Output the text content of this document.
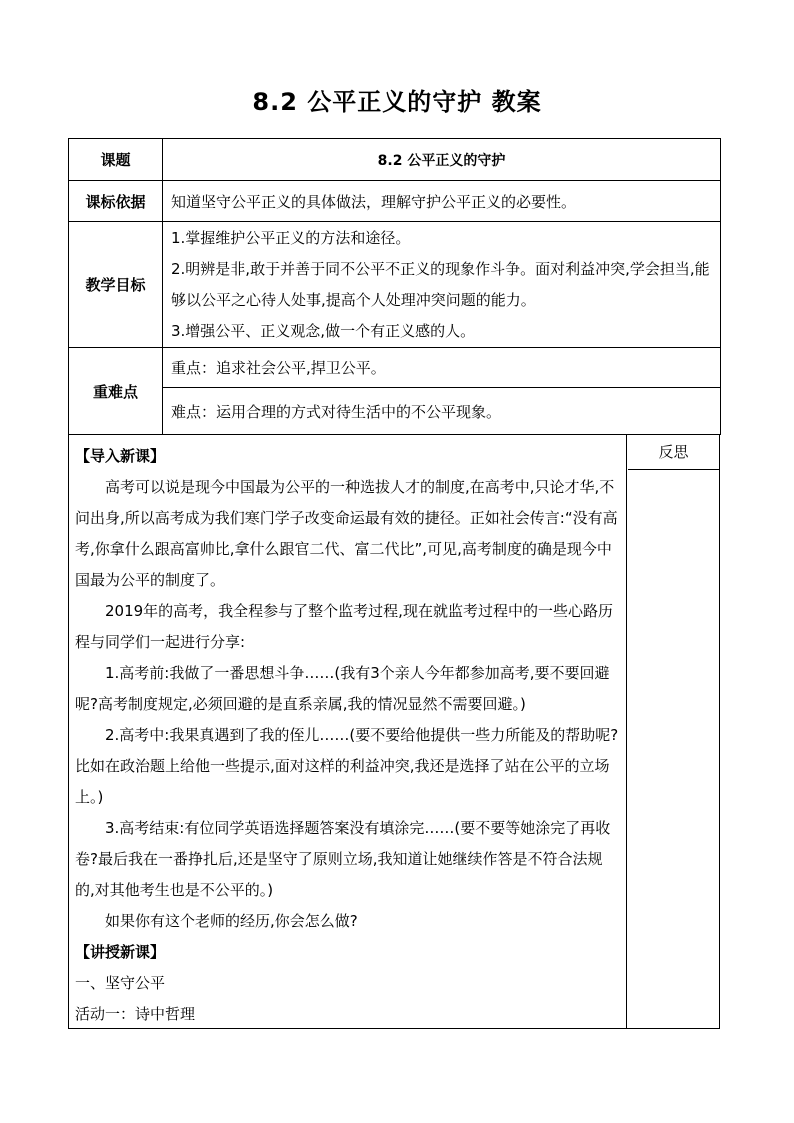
8.2 公平正义的守护 教案
课题	8.2 公平正义的守护
课标依据	知道坚守公平正义的具体做法，理解守护公平正义的必要性。
教学目标	1.掌握维护公平正义的方法和途径。

2.明辨是非,敢于并善于同不公平不正义的现象作斗争。面对利益冲突,学会担当,能够以公平之心待人处事,提高个人处理冲突问题的能力。

3.增强公平、正义观念,做一个有正义感的人。

重难点	重点：追求社会公平,捍卫公平。
	难点：运用合理的方式对待生活中的不公平现象。

【导入新课】

高考可以说是现今中国最为公平的一种选拔人才的制度,在高考中,只论才华,不问出身,所以高考成为我们寒门学子改变命运最有效的捷径。正如社会传言:“没有高考,你拿什么跟高富帅比,拿什么跟官二代、富二代比”,可见,高考制度的确是现今中国最为公平的制度了。

2019年的高考，我全程参与了整个监考过程,现在就监考过程中的一些心路历程与同学们一起进行分享:

1.高考前:我做了一番思想斗争……(我有3个亲人今年都参加高考,要不要回避呢?高考制度规定,必须回避的是直系亲属,我的情况显然不需要回避。)

2.高考中:我果真遇到了我的侄儿……(要不要给他提供一些力所能及的帮助呢?比如在政治题上给他一些提示,面对这样的利益冲突,我还是选择了站在公平的立场上。)

3.高考结束:有位同学英语选择题答案没有填涂完……(要不要等她涂完了再收卷?最后我在一番挣扎后,还是坚守了原则立场,我知道让她继续作答是不符合法规的,对其他考生也是不公平的。)

如果你有这个老师的经历,你会怎么做?

【讲授新课】

一、坚守公平

活动一：诗中哲理

反思
